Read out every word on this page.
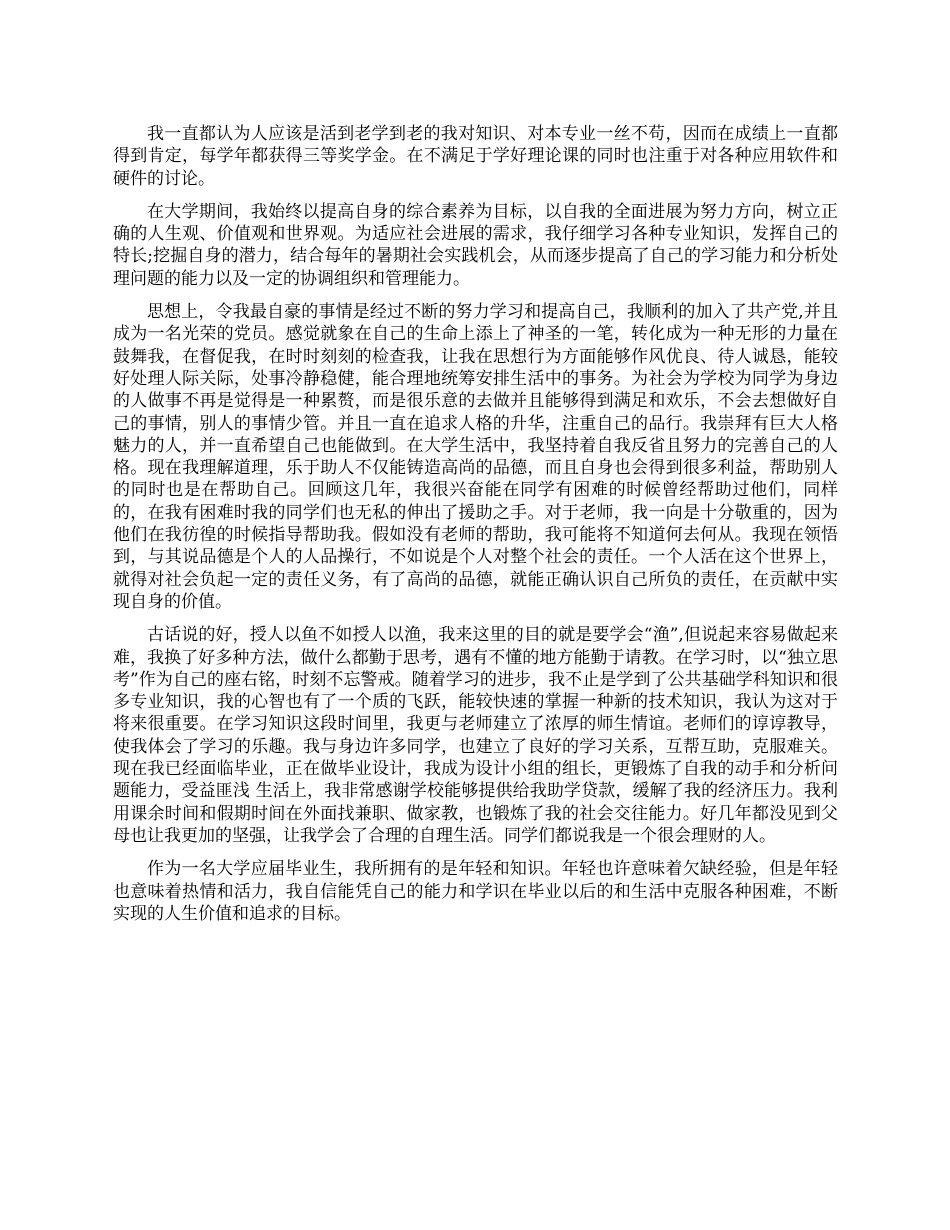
我一直都认为人应该是活到老学到老的我对知识、对本专业一丝不苟，因而在成绩上一直都得到肯定，每学年都获得三等奖学金。在不满足于学好理论课的同时也注重于对各种应用软件和硬件的讨论。

在大学期间，我始终以提高自身的综合素养为目标，以自我的全面进展为努力方向，树立正确的人生观、价值观和世界观。为适应社会进展的需求，我仔细学习各种专业知识，发挥自己的特长;挖掘自身的潜力，结合每年的暑期社会实践机会，从而逐步提高了自己的学习能力和分析处理问题的能力以及一定的协调组织和管理能力。

思想上，令我最自豪的事情是经过不断的努力学习和提高自己，我顺利的加入了共产党,并且成为一名光荣的党员。感觉就象在自己的生命上添上了神圣的一笔，转化成为一种无形的力量在鼓舞我，在督促我，在时时刻刻的检查我，让我在思想行为方面能够作风优良、待人诚恳，能较好处理人际关际，处事冷静稳健，能合理地统筹安排生活中的事务。为社会为学校为同学为身边的人做事不再是觉得是一种累赘，而是很乐意的去做并且能够得到满足和欢乐，不会去想做好自己的事情，别人的事情少管。并且一直在追求人格的升华，注重自己的品行。我崇拜有巨大人格魅力的人，并一直希望自己也能做到。在大学生活中，我坚持着自我反省且努力的完善自己的人格。现在我理解道理，乐于助人不仅能铸造高尚的品德，而且自身也会得到很多利益，帮助别人的同时也是在帮助自己。回顾这几年，我很兴奋能在同学有困难的时候曾经帮助过他们，同样的，在我有困难时我的同学们也无私的伸出了援助之手。对于老师，我一向是十分敬重的，因为他们在我彷徨的时候指导帮助我。假如没有老师的帮助，我可能将不知道何去何从。我现在领悟到，与其说品德是个人的人品操行，不如说是个人对整个社会的责任。一个人活在这个世界上，就得对社会负起一定的责任义务，有了高尚的品德，就能正确认识自己所负的责任，在贡献中实现自身的价值。

古话说的好，授人以鱼不如授人以渔，我来这里的目的就是要学会“渔”,但说起来容易做起来难，我换了好多种方法，做什么都勤于思考，遇有不懂的地方能勤于请教。在学习时，以“独立思考”作为自己的座右铭，时刻不忘警戒。随着学习的进步，我不止是学到了公共基础学科知识和很多专业知识，我的心智也有了一个质的飞跃，能较快速的掌握一种新的技术知识，我认为这对于将来很重要。在学习知识这段时间里，我更与老师建立了浓厚的师生情谊。老师们的谆谆教导，使我体会了学习的乐趣。我与身边许多同学，也建立了良好的学习关系，互帮互助，克服难关。现在我已经面临毕业，正在做毕业设计，我成为设计小组的组长，更锻炼了自我的动手和分析问题能力，受益匪浅 生活上，我非常感谢学校能够提供给我助学贷款，缓解了我的经济压力。我利用课余时间和假期时间在外面找兼职、做家教，也锻炼了我的社会交往能力。好几年都没见到父母也让我更加的坚强，让我学会了合理的自理生活。同学们都说我是一个很会理财的人。

作为一名大学应届毕业生，我所拥有的是年轻和知识。年轻也许意味着欠缺经验，但是年轻也意味着热情和活力，我自信能凭自己的能力和学识在毕业以后的和生活中克服各种困难，不断实现的人生价值和追求的目标。
